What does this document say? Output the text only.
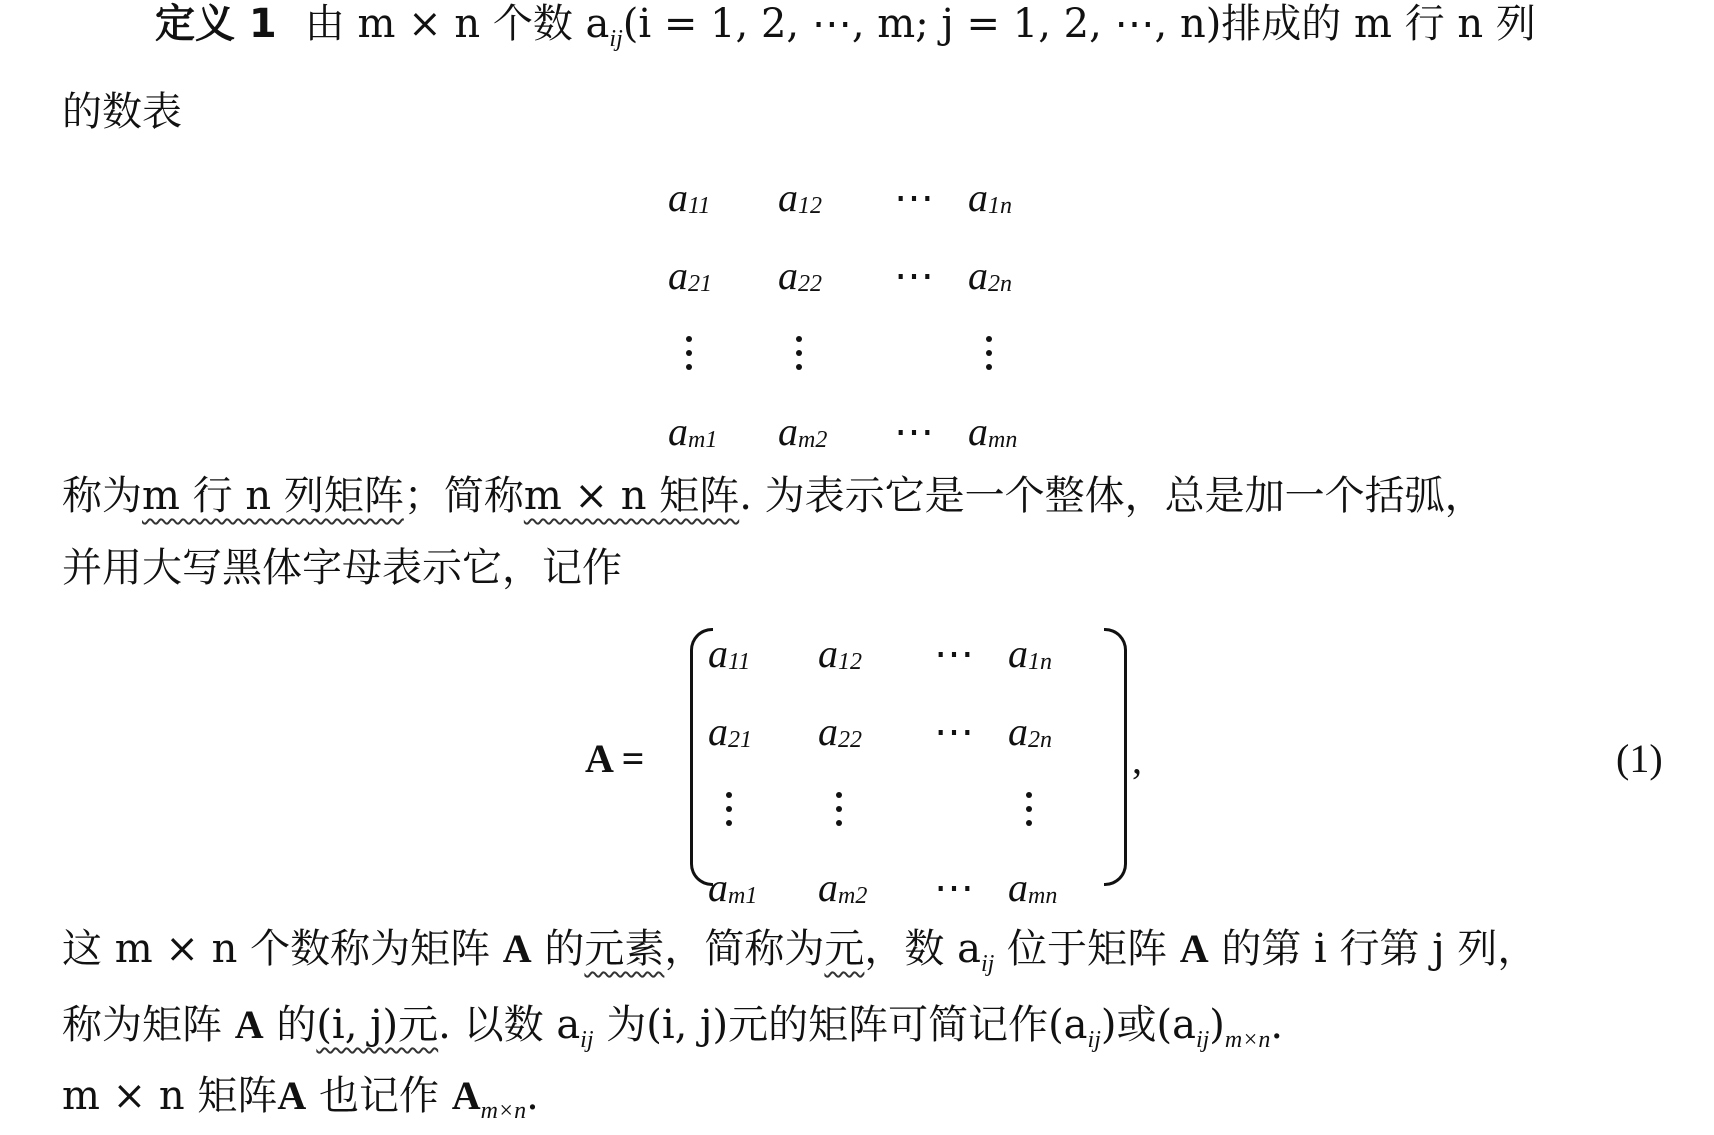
定义 1 由 m × n 个数 $a_{ij}(i = 1$, 2, ⋯, m; j = 1, 2, ⋯, n)排成的 m 行 n 列
的数表
a 11 a 12 ⋯ a 1n
a 21 a 22 ⋯ a 2n
a m1 a m2 ⋯ a mn
称为m 行 n 列矩阵；简称m × n 矩阵. 为表示它是一个整体，总是加一个括弧，
并用大写黑体字母表示它，记作
A =
a 11 a 12 ⋯ a 1n
a 21 a 22 ⋯ a 2n
a m1 a m2 ⋯ a mn
,	(1)
这 m × n 个数称为矩阵 A 的元素，简称为元，数 $a_{ij}$ 位于矩阵 A 的第 i 行第 j 列，
称为矩阵 A 的(i, j)元. 以数 $a_{ij}$ 为(i, j)元的矩阵可简记作$(a_{ij})$或$(a_{ij})_{m\times n}$.
m × n 矩阵A 也记作 $A_{m\times n}$.
